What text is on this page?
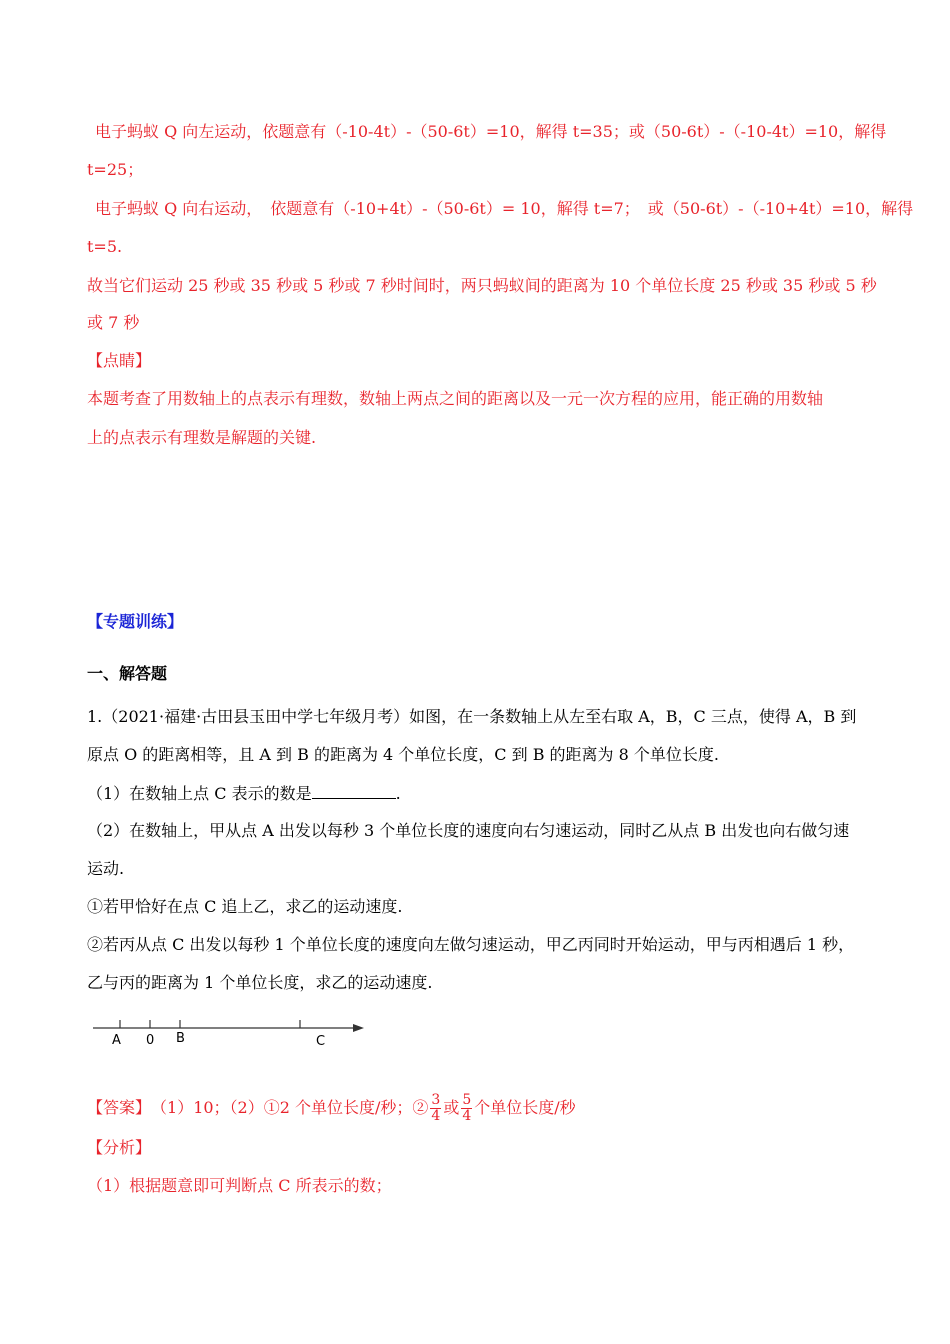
电子蚂蚁 Q 向左运动，依题意有（-10-4t）-（50-6t）=10，解得 t=35；或（50-6t）-（-10-4t）=10，解得
t=25；
电子蚂蚁 Q 向右运动，　依题意有（-10+4t）-（50-6t）= 10，解得 t=7；　或（50-6t）-（-10+4t）=10，解得
t=5.
故当它们运动 25 秒或 35 秒或 5 秒或 7 秒时间时，两只蚂蚁间的距离为 10 个单位长度 25 秒或 35 秒或 5 秒
或 7 秒
【点睛】
本题考查了用数轴上的点表示有理数，数轴上两点之间的距离以及一元一次方程的应用，能正确的用数轴
上的点表示有理数是解题的关键.
【专题训练】
一、解答题
1.（2021·福建·古田县玉田中学七年级月考）如图，在一条数轴上从左至右取 A，B，C 三点，使得 A，B 到
原点 O 的距离相等，且 A 到 B 的距离为 4 个单位长度，C 到 B 的距离为 8 个单位长度.
（1）在数轴上点 C 表示的数是	.
（2）在数轴上，甲从点 A 出发以每秒 3 个单位长度的速度向右匀速运动，同时乙从点 B 出发也向右做匀速
运动.
①若甲恰好在点 C 追上乙，求乙的运动速度.
②若丙从点 C 出发以每秒 1 个单位长度的速度向左做匀速运动，甲乙丙同时开始运动，甲与丙相遇后 1 秒，
乙与丙的距离为 1 个单位长度，求乙的运动速度.
A 0 B	C
【答案】 （1）10；（2）①2 个单位长度/秒；② $\frac{3}{4}$ 或 $\frac{5}{4}$ 个单位长度/秒
【分析】
（1）根据题意即可判断点 C 所表示的数；
